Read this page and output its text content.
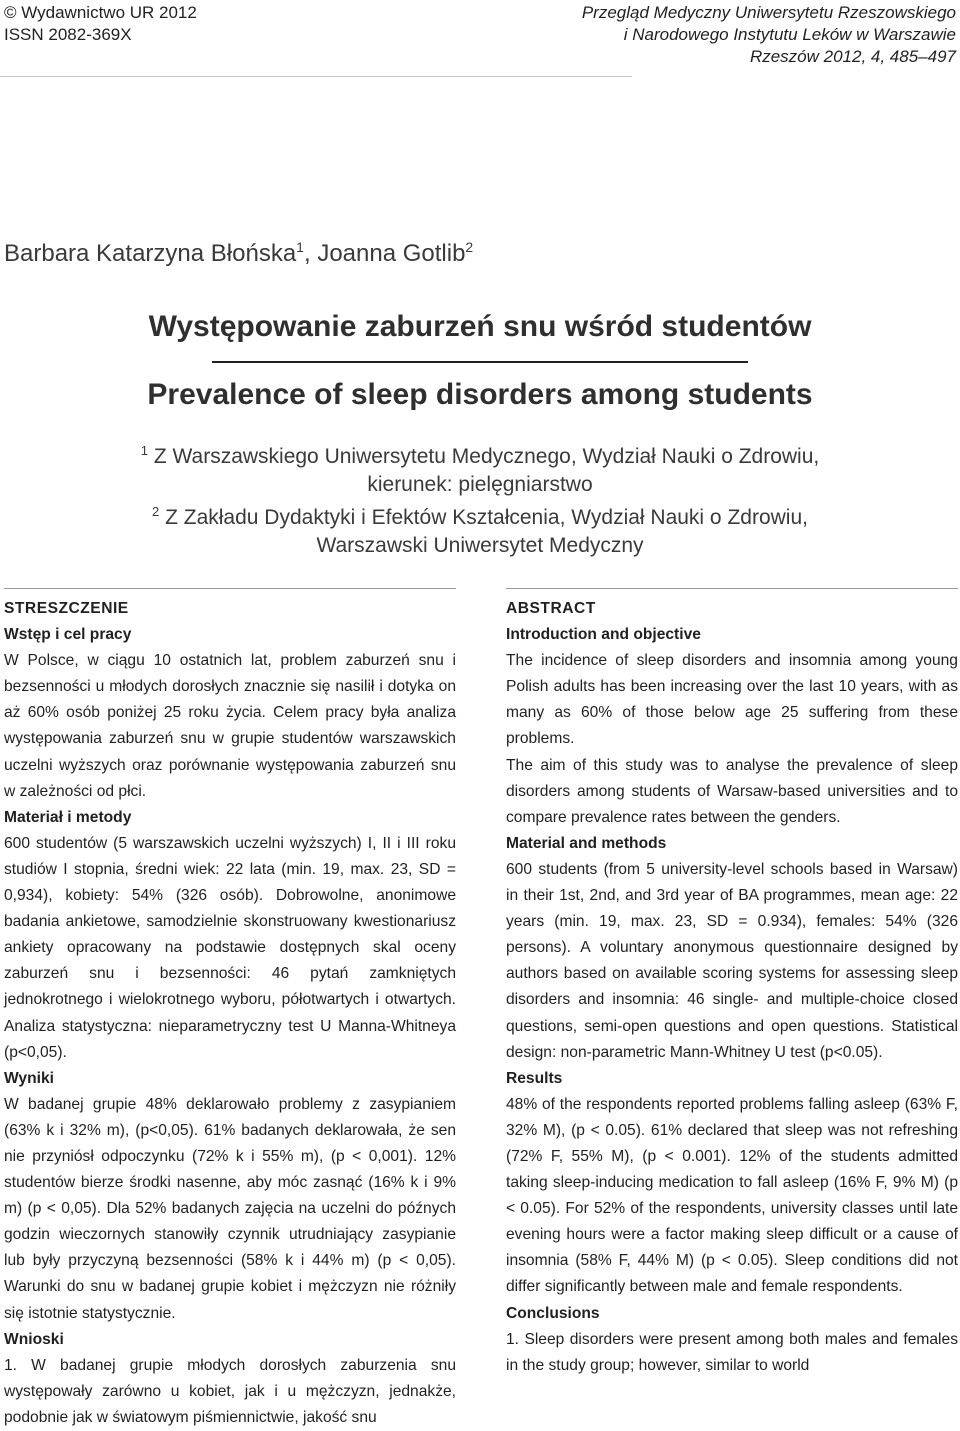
© Wydawnictwo UR 2012
ISSN 2082-369X
Przegląd Medyczny Uniwersytetu Rzeszowskiego
i Narodowego Instytutu Leków w Warszawie
Rzeszów 2012, 4, 485–497
Barbara Katarzyna Błońska$^1$, Joanna Gotlib$^2$
Występowanie zaburzeń snu wśród studentów
Prevalence of sleep disorders among students
$^1$ Z Warszawskiego Uniwersytetu Medycznego, Wydział Nauki o Zdrowiu,
kierunek: pielęgniarstwo
$^2$ Z Zakładu Dydaktyki i Efektów Kształcenia, Wydział Nauki o Zdrowiu,
Warszawski Uniwersytet Medyczny
STRESZCZENIE
Wstęp i cel pracy

W Polsce, w ciągu 10 ostatnich lat, problem zaburzeń snu i bezsenności u młodych dorosłych znacznie się nasilił i dotyka on aż 60% osób poniżej 25 roku życia. Celem pracy była analiza występowania zaburzeń snu w grupie studentów warszawskich uczelni wyższych oraz porównanie występowania zaburzeń snu w zależności od płci.

Materiał i metody

600 studentów (5 warszawskich uczelni wyższych) I, II i III roku studiów I stopnia, średni wiek: 22 lata (min. 19, max. 23, SD = 0,934), kobiety: 54% (326 osób). Dobrowolne, anonimowe badania ankietowe, samodzielnie skonstruowany kwestionariusz ankiety opracowany na podstawie dostępnych skal oceny zaburzeń snu i bezsenności: 46 pytań zamkniętych jednokrotnego i wielokrotnego wyboru, półotwartych i otwartych. Analiza statystyczna: nieparametryczny test U Manna-Whitneya (p<0,05).

Wyniki

W badanej grupie 48% deklarowało problemy z zasypianiem (63% k i 32% m), (p<0,05). 61% badanych deklarowała, że sen nie przyniósł odpoczynku (72% k i 55% m), (p < 0,001). 12% studentów bierze środki nasenne, aby móc zasnąć (16% k i 9% m) (p < 0,05). Dla 52% badanych zajęcia na uczelni do późnych godzin wieczornych stanowiły czynnik utrudniający zasypianie lub były przyczyną bezsenności (58% k i 44% m) (p < 0,05). Warunki do snu w badanej grupie kobiet i mężczyzn nie różniły się istotnie statystycznie.

Wnioski

1. W badanej grupie młodych dorosłych zaburzenia snu występowały zarówno u kobiet, jak i u mężczyzn, jednakże, podobnie jak w światowym piśmiennictwie, jakość snu

ABSTRACT
Introduction and objective

The incidence of sleep disorders and insomnia among young Polish adults has been increasing over the last 10 years, with as many as 60% of those below age 25 suffering from these problems.

The aim of this study was to analyse the prevalence of sleep disorders among students of Warsaw-based universities and to compare prevalence rates between the genders.

Material and methods

600 students (from 5 university-level schools based in Warsaw) in their 1st, 2nd, and 3rd year of BA programmes, mean age: 22 years (min. 19, max. 23, SD = 0.934), females: 54% (326 persons). A voluntary anonymous questionnaire designed by authors based on available scoring systems for assessing sleep disorders and insomnia: 46 single- and multiple-choice closed questions, semi-open questions and open questions. Statistical design: non-parametric Mann-Whitney U test (p<0.05).

Results

48% of the respondents reported problems falling asleep (63% F, 32% M), (p < 0.05). 61% declared that sleep was not refreshing (72% F, 55% M), (p < 0.001). 12% of the students admitted taking sleep-inducing medication to fall asleep (16% F, 9% M) (p < 0.05). For 52% of the respondents, university classes until late evening hours were a factor making sleep difficult or a cause of insomnia (58% F, 44% M) (p < 0.05). Sleep conditions did not differ significantly between male and female respondents.

Conclusions

1. Sleep disorders were present among both males and females in the study group; however, similar to world
